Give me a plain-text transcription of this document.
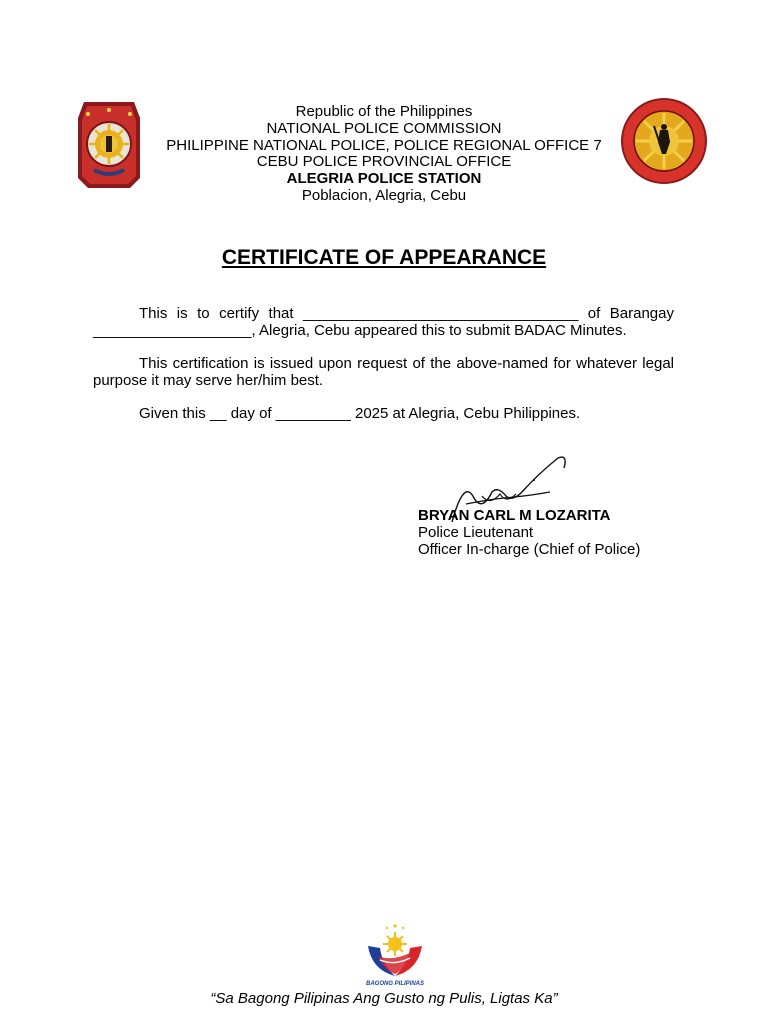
Republic of the Philippines
NATIONAL POLICE COMMISSION
PHILIPPINE NATIONAL POLICE, POLICE REGIONAL OFFICE 7
CEBU POLICE PROVINCIAL OFFICE
ALEGRIA POLICE STATION
Poblacion, Alegria, Cebu
CERTIFICATE OF APPEARANCE

This is to certify that _________________________________ of Barangay ___________________, Alegria, Cebu appeared this to submit BADAC Minutes.

This certification is issued upon request of the above-named for whatever legal purpose it may serve her/him best.

Given this __ day of _________ 2025 at Alegria, Cebu Philippines.

BRYAN CARL M LOZARITA
Police Lieutenant
Officer In-charge (Chief of Police)
BAGONG PILIPINAS
“Sa Bagong Pilipinas Ang Gusto ng Pulis, Ligtas Ka”
